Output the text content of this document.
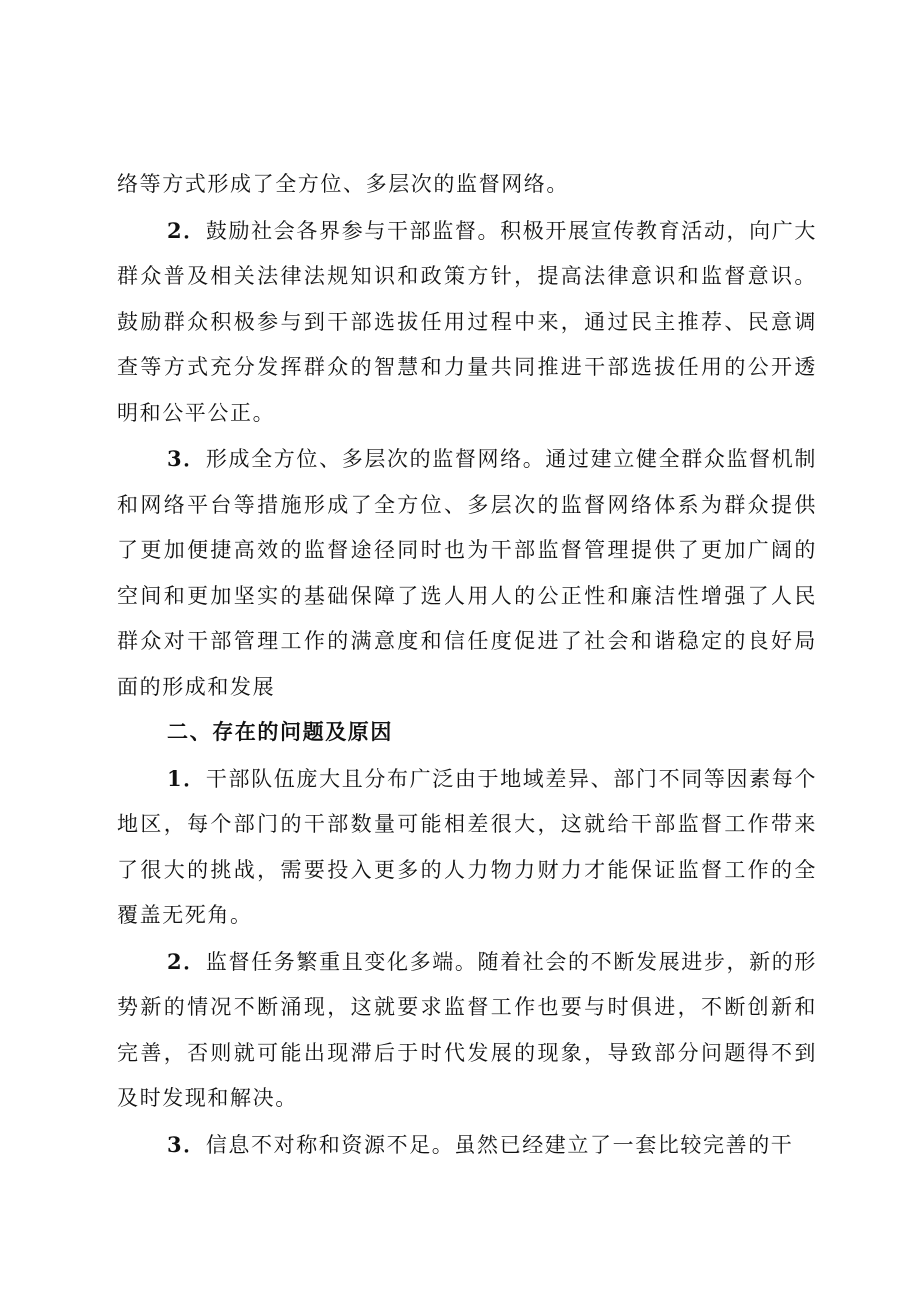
络等方式形成了全方位、多层次的监督网络。

2．鼓励社会各界参与干部监督。积极开展宣传教育活动，向广大群众普及相关法律法规知识和政策方针，提高法律意识和监督意识。鼓励群众积极参与到干部选拔任用过程中来，通过民主推荐、民意调查等方式充分发挥群众的智慧和力量共同推进干部选拔任用的公开透明和公平公正。

3．形成全方位、多层次的监督网络。通过建立健全群众监督机制和网络平台等措施形成了全方位、多层次的监督网络体系为群众提供了更加便捷高效的监督途径同时也为干部监督管理提供了更加广阔的空间和更加坚实的基础保障了选人用人的公正性和廉洁性增强了人民群众对干部管理工作的满意度和信任度促进了社会和谐稳定的良好局面的形成和发展

二、存在的问题及原因

1．干部队伍庞大且分布广泛由于地域差异、部门不同等因素每个地区，每个部门的干部数量可能相差很大，这就给干部监督工作带来了很大的挑战，需要投入更多的人力物力财力才能保证监督工作的全覆盖无死角。

2．监督任务繁重且变化多端。随着社会的不断发展进步，新的形势新的情况不断涌现，这就要求监督工作也要与时俱进，不断创新和完善，否则就可能出现滞后于时代发展的现象，导致部分问题得不到及时发现和解决。

3．信息不对称和资源不足。虽然已经建立了一套比较完善的干
